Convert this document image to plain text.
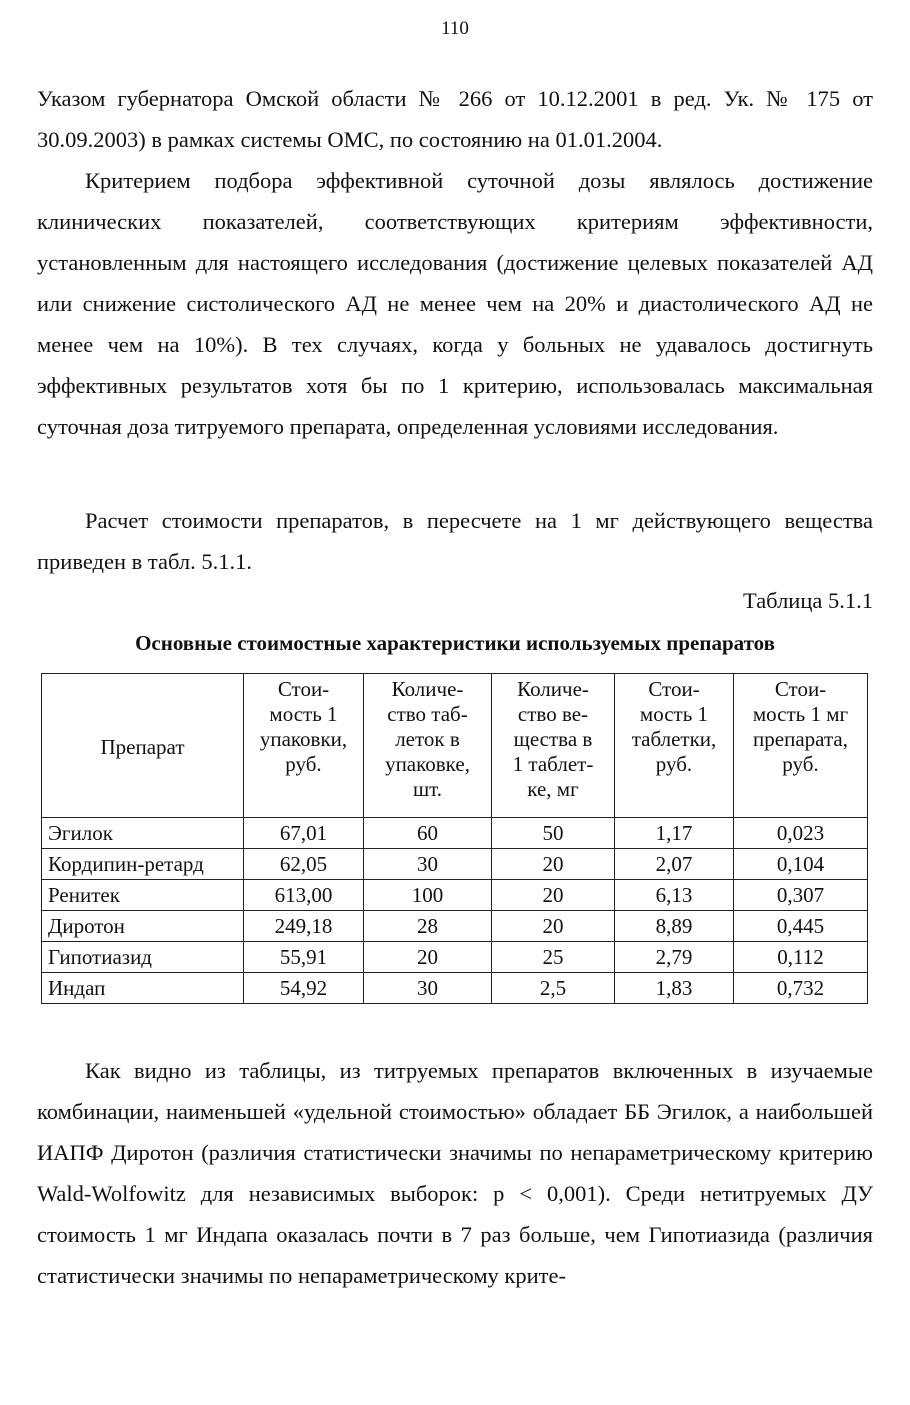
110

Указом губернатора Омской области № 266 от 10.12.2001 в ред. Ук. № 175 от 30.09.2003) в рамках системы ОМС, по состоянию на 01.01.2004.

Критерием подбора эффективной суточной дозы являлось достижение клинических показателей, соответствующих критериям эффективности, установленным для настоящего исследования (достижение целевых показателей АД или снижение систолического АД не менее чем на 20% и диастолического АД не менее чем на 10%). В тех случаях, когда у больных не удавалось достигнуть эффективных результатов хотя бы по 1 критерию, использовалась максимальная суточная доза титруемого препарата, определенная условиями исследования.

Расчет стоимости препаратов, в пересчете на 1 мг действующего вещества приведен в табл. 5.1.1.

Таблица 5.1.1
Основные стоимостные характеристики используемых препаратов
Препарат	Стои-
мость 1
упаковки,
руб.	Количе-
ство таб-
леток в
упаковке,
шт.	Количе-
ство ве-
щества в
1 таблет-
ке, мг	Стои-
мость 1
таблетки,
руб.	Стои-
мость 1 мг
препарата,
руб.

Эгилок	67,01	60	50	1,17	0,023
Кордипин-ретард	62,05	30	20	2,07	0,104
Ренитек	613,00	100	20	6,13	0,307
Диротон	249,18	28	20	8,89	0,445
Гипотиазид	55,91	20	25	2,79	0,112
Индап	54,92	30	2,5	1,83	0,732

Как видно из таблицы, из титруемых препаратов включенных в изучаемые комбинации, наименьшей «удельной стоимостью» обладает ББ Эгилок, а наибольшей ИАПФ Диротон (различия статистически значимы по непараметрическому критерию Wald-Wolfowitz для независимых выборок: p < 0,001). Среди нетитруемых ДУ стоимость 1 мг Индапа оказалась почти в 7 раз больше, чем Гипотиазида (различия статистически значимы по непараметрическому крите-
